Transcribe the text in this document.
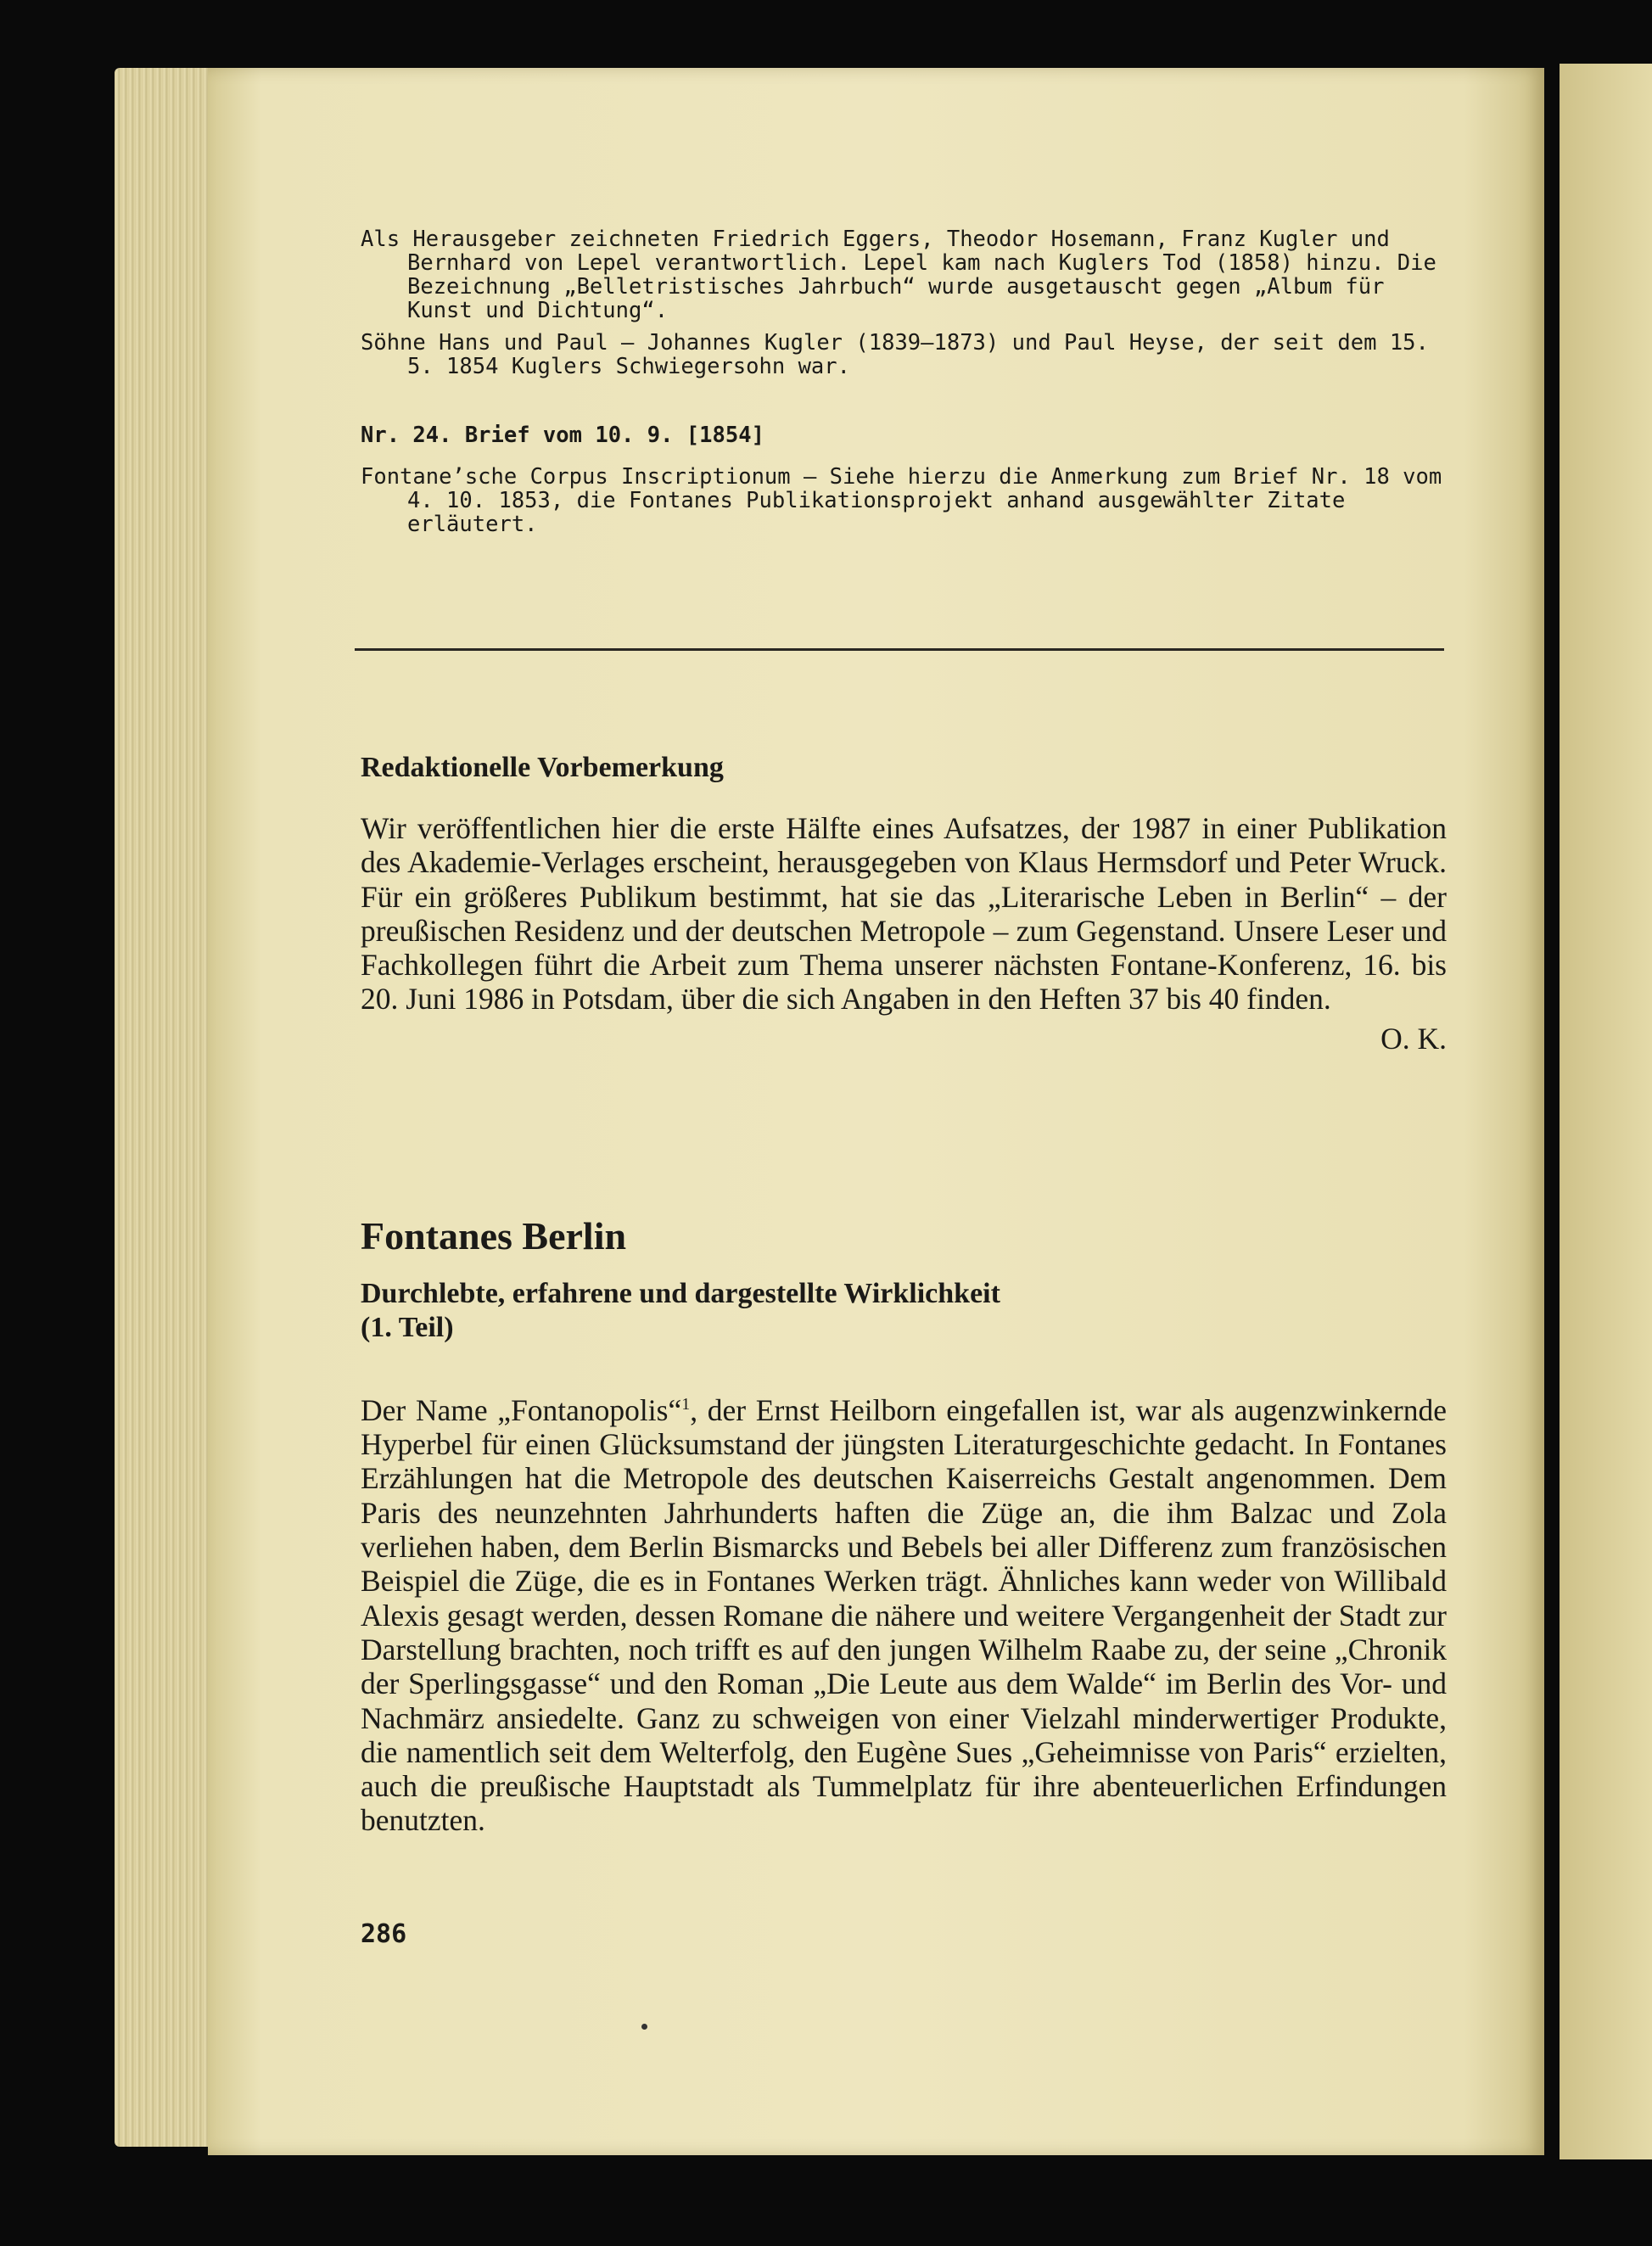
Als Herausgeber zeichneten Friedrich Eggers, Theodor Hosemann, Franz Kugler und Bernhard von Lepel verantwortlich. Lepel kam nach Kuglers Tod (1858) hinzu. Die Bezeichnung „Belletristisches Jahrbuch“ wurde ausgetauscht gegen „Album für Kunst und Dichtung“.

Söhne Hans und Paul – Johannes Kugler (1839–1873) und Paul Heyse, der seit dem 15. 5. 1854 Kuglers Schwiegersohn war.

Nr. 24. Brief vom 10. 9. [1854]

Fontane’sche Corpus Inscriptionum – Siehe hierzu die Anmerkung zum Brief Nr. 18 vom 4. 10. 1853, die Fontanes Publikationsprojekt anhand ausgewählter Zitate erläutert.

Redaktionelle Vorbemerkung

Wir veröffentlichen hier die erste Hälfte eines Aufsatzes, der 1987 in einer Publikation des Akademie-Verlages erscheint, herausgegeben von Klaus Hermsdorf und Peter Wruck. Für ein größeres Publikum bestimmt, hat sie das „Literarische Leben in Berlin“ – der preußischen Residenz und der deutschen Metropole – zum Gegenstand. Unsere Leser und Fachkollegen führt die Arbeit zum Thema unserer nächsten Fontane-Konferenz, 16. bis 20. Juni 1986 in Potsdam, über die sich Angaben in den Heften 37 bis 40 finden.

O. K.

Fontanes Berlin

Durchlebte, erfahrene und dargestellte Wirklichkeit
(1. Teil)

Der Name „Fontanopolis“$^1$, der Ernst Heilborn eingefallen ist, war als augenzwinkernde Hyperbel für einen Glücksumstand der jüngsten Literaturgeschichte gedacht. In Fontanes Erzählungen hat die Metropole des deutschen Kaiserreichs Gestalt angenommen. Dem Paris des neunzehnten Jahrhunderts haften die Züge an, die ihm Balzac und Zola verliehen haben, dem Berlin Bismarcks und Bebels bei aller Differenz zum französischen Beispiel die Züge, die es in Fontanes Werken trägt. Ähnliches kann weder von Willibald Alexis gesagt werden, dessen Romane die nähere und weitere Vergangenheit der Stadt zur Darstellung brachten, noch trifft es auf den jungen Wilhelm Raabe zu, der seine „Chronik der Sperlingsgasse“ und den Roman „Die Leute aus dem Walde“ im Berlin des Vor- und Nachmärz ansiedelte. Ganz zu schweigen von einer Vielzahl minderwertiger Produkte, die namentlich seit dem Welterfolg, den Eugène Sues „Geheimnisse von Paris“ erzielten, auch die preußische Hauptstadt als Tummelplatz für ihre abenteuerlichen Erfindungen benutzten.

286
